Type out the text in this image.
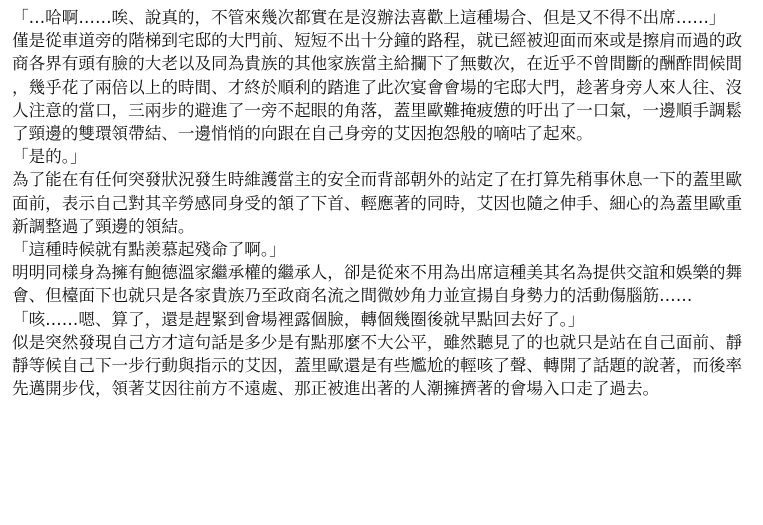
「…哈啊……唉、說真的，不管來幾次都實在是沒辦法喜歡上這種場合、但是又不得不出席……」

僅是從車道旁的階梯到宅邸的大門前、短短不出十分鐘的路程，就已經被迎面而來或是擦肩而過的政商各界有頭有臉的大老以及同為貴族的其他家族當主給攔下了無數次，在近乎不曾間斷的酬酢問候間，幾乎花了兩倍以上的時間、才終於順利的踏進了此次宴會會場的宅邸大門，趁著身旁人來人往、沒人注意的當口，三兩步的避進了一旁不起眼的角落，蓋里歐難掩疲憊的吁出了一口氣，一邊順手調鬆了頸邊的雙環領帶結、一邊悄悄的向跟在自己身旁的艾因抱怨般的嘀咕了起來。

「是的。」

為了能在有任何突發狀況發生時維護當主的安全而背部朝外的站定了在打算先稍事休息一下的蓋里歐面前，表示自己對其辛勞感同身受的頷了下首、輕應著的同時，艾因也隨之伸手、細心的為蓋里歐重新調整過了頸邊的領結。

「這種時候就有點羨慕起殘命了啊。」

明明同樣身為擁有鮑德溫家繼承權的繼承人，卻是從來不用為出席這種美其名為提供交誼和娛樂的舞會、但檯面下也就只是各家貴族乃至政商名流之間微妙角力並宣揚自身勢力的活動傷腦筋……

「咳……嗯、算了，還是趕緊到會場裡露個臉，轉個幾圈後就早點回去好了。」

似是突然發現自己方才這句話是多少是有點那麼不大公平，雖然聽見了的也就只是站在自己面前、靜靜等候自己下一步行動與指示的艾因，蓋里歐還是有些尷尬的輕咳了聲、轉開了話題的說著，而後率先邁開步伐，領著艾因往前方不遠處、那正被進出著的人潮擁擠著的會場入口走了過去。
